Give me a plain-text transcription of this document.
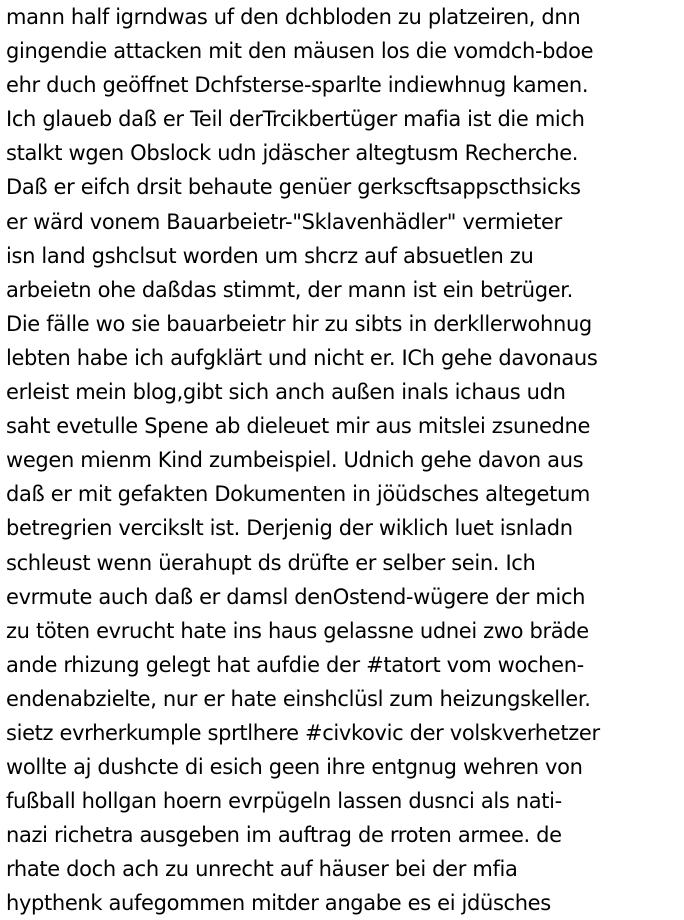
mann half igrndwas uf den dchbloden zu platzeiren, dnn
gingendie attacken mit den mäusen los die vomdch-bdoe
ehr duch geöffnet Dchfsterse-sparlte indiewhnug kamen.
Ich glaueb daß er Teil derTrcikbertüger mafia ist die mich
stalkt wgen Obslock udn jdäscher altegtusm Recherche.
Daß er eifch drsit behaute genüer gerkscftsappscthsicks
er wärd vonem Bauarbeietr-"Sklavenhädler" vermieter
isn land gshclsut worden um shcrz auf absuetlen zu
arbeietn ohe daßdas stimmt, der mann ist ein betrüger.
Die fälle wo sie bauarbeietr hir zu sibts in derkllerwohnug
lebten habe ich aufgklärt und nicht er. ICh gehe davonaus
erleist mein blog,gibt sich anch außen inals ichaus udn
saht evetulle Spene ab dieleuet mir aus mitslei zsunedne
wegen mienm Kind zumbeispiel. Udnich gehe davon aus
daß er mit gefakten Dokumenten in jöüdsches altegetum
betregrien vercikslt ist. Derjenig der wiklich luet isnladn
schleust wenn üerahupt ds drüfte er selber sein. Ich
evrmute auch daß er damsl denOstend-wügere der mich
zu töten evrucht hate ins haus gelassne udnei zwo bräde
ande rhizung gelegt hat aufdie der #tatort vom wochen-
endenabzielte, nur er hate einshclüsl zum heizungskeller.
sietz evrherkumple sprtlhere #civkovic der volskverhetzer
wollte aj dushcte di esich geen ihre entgnug wehren von
fußball hollgan hoern evrpügeln lassen dusnci als nati-
nazi richetra ausgeben im auftrag de rroten armee. de
rhate doch ach zu unrecht auf häuser bei der mfia
hypthenk aufegommen mitder angabe es ei jdüsches
